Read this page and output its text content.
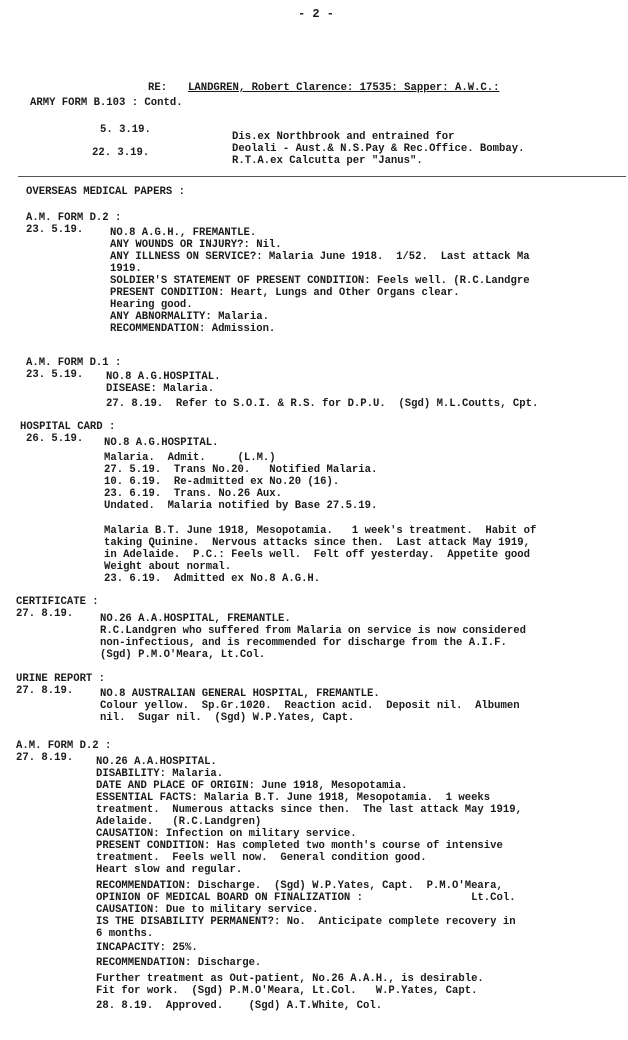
- 2 -
RE: LANDGREN, Robert Clarence: 17535: Sapper: A.W.C.:
ARMY FORM B.103 : Contd.
5. 3.19.
Dis.ex Northbrook and entrained for
Deolali - Aust.& N.S.Pay & Rec.Office. Bombay.
22. 3.19.
R.T.A.ex Calcutta per "Janus".
OVERSEAS MEDICAL PAPERS :
A.M. FORM D.2 :
23. 5.19.	NO.8 A.G.H., FREMANTLE.
ANY WOUNDS OR INJURY?: Nil.
ANY ILLNESS ON SERVICE?: Malaria June 1918.  1/52.  Last attack Ma
1919.
SOLDIER'S STATEMENT OF PRESENT CONDITION: Feels well. (R.C.Landgre
PRESENT CONDITION: Heart, Lungs and Other Organs clear.
Hearing good.
ANY ABNORMALITY: Malaria.
RECOMMENDATION: Admission.
A.M. FORM D.1 :
23. 5.19. NO.8 A.G.HOSPITAL.
DISEASE: Malaria.
27. 8.19.  Refer to S.O.I. & R.S. for D.P.U.  (Sgd) M.L.Coutts, Cpt.
HOSPITAL CARD :
26. 5.19. NO.8 A.G.HOSPITAL.
Malaria.  Admit.     (L.M.)
27. 5.19.  Trans No.20.   Notified Malaria.
10. 6.19.  Re-admitted ex No.20 (16).
23. 6.19.  Trans. No.26 Aux.
Undated.  Malaria notified by Base 27.5.19.
Malaria B.T. June 1918, Mesopotamia.   1 week's treatment.  Habit of
taking Quinine.  Nervous attacks since then.  Last attack May 1919,
in Adelaide.  P.C.: Feels well.  Felt off yesterday.  Appetite good
Weight about normal.
23. 6.19.  Admitted ex No.8 A.G.H.
CERTIFICATE :
27. 8.19.	NO.26 A.A.HOSPITAL, FREMANTLE.
R.C.Landgren who suffered from Malaria on service is now considered
non-infectious, and is recommended for discharge from the A.I.F.
(Sgd) P.M.O'Meara, Lt.Col.
URINE REPORT :
27. 8.19.	NO.8 AUSTRALIAN GENERAL HOSPITAL, FREMANTLE.
Colour yellow.  Sp.Gr.1020.  Reaction acid.  Deposit nil.  Albumen
nil.  Sugar nil.  (Sgd) W.P.Yates, Capt.
A.M. FORM D.2 :
27. 8.19. NO.26 A.A.HOSPITAL.
DISABILITY: Malaria.
DATE AND PLACE OF ORIGIN: June 1918, Mesopotamia.
ESSENTIAL FACTS: Malaria B.T. June 1918, Mesopotamia.  1 weeks
treatment.  Numerous attacks since then.  The last attack May 1919,
Adelaide.   (R.C.Landgren)
CAUSATION: Infection on military service.
PRESENT CONDITION: Has completed two month's course of intensive
treatment.  Feels well now.  General condition good.
Heart slow and regular.
RECOMMENDATION: Discharge.  (Sgd) W.P.Yates, Capt.  P.M.O'Meara,
OPINION OF MEDICAL BOARD ON FINALIZATION :                 Lt.Col.
CAUSATION: Due to military service.
IS THE DISABILITY PERMANENT?: No.  Anticipate complete recovery in
6 months.
INCAPACITY: 25%.
RECOMMENDATION: Discharge.
Further treatment as Out-patient, No.26 A.A.H., is desirable.
Fit for work.  (Sgd) P.M.O'Meara, Lt.Col.   W.P.Yates, Capt.
28. 8.19.  Approved.    (Sgd) A.T.White, Col.
